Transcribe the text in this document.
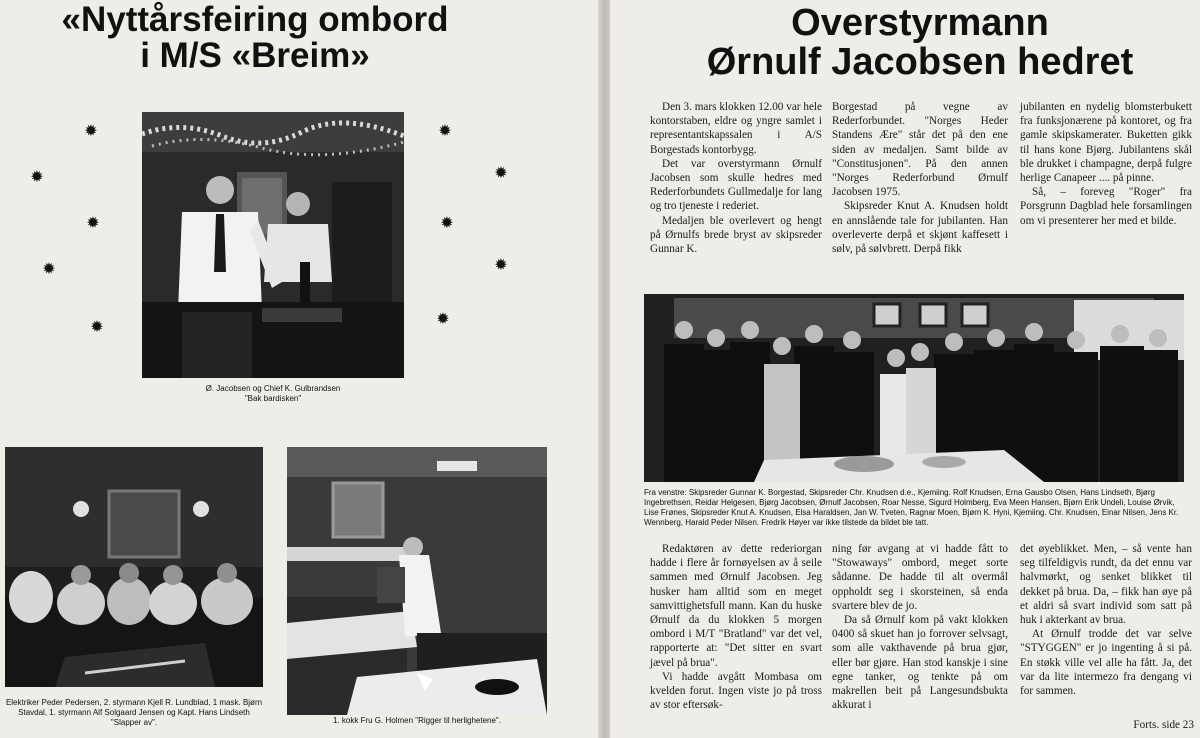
«Nyttårsfeiring ombord
i M/S «Breim»
✹
✹
✹
✹
✹
✹
✹
✹
✹
✹
Ø. Jacobsen og Chief K. Gulbrandsen
"Bak bardisken"
Elektriker Peder Pedersen, 2. styrmann Kjell R. Lundblad, 1 mask. Bjørn Stavdal, 1. styrmann Alf Solgaard Jensen og Kapt. Hans Lindseth "Slapper av".	1. kokk Fru G. Holmen "Rigger til herlighetene".
Overstyrmann
Ørnulf Jacobsen hedret

Den 3. mars klokken 12.00 var hele kontorstaben, eldre og yngre samlet i representantskapssalen i A/S Borgestads kontorbygg.

Det var overstyrmann Ørnulf Jacobsen som skulle hedres med Rederforbundets Gullmedalje for lang og tro tjeneste i rederiet.

Medaljen ble overlevert og hengt på Ørnulfs brede bryst av skipsreder Gunnar K.

Borgestad på vegne av Rederforbundet. "Norges Heder Standens Ære" står det på den ene siden av medaljen. Samt bilde av "Constitusjonen". På den annen "Norges Rederforbund Ørnulf Jacobsen 1975.

Skipsreder Knut A. Knudsen holdt en annslående tale for jubilanten. Han overleverte derpå et skjønt kaffesett i sølv, på sølvbrett. Derpå fikk

jubilanten en nydelig blomsterbukett fra funksjonærene på kontoret, og fra gamle skipskamerater. Buketten gikk til hans kone Bjørg. Jubilantens skål ble drukket i champagne, derpå fulgre herlige Canapeer .... på pinne.

Så, – foreveg "Roger" fra Porsgrunn Dagblad hele forsamlingen om vi presenterer her med et bilde.

Fra venstre: Skipsreder Gunnar K. Borgestad, Skipsreder Chr. Knudsen d.e., Kjemiing. Rolf Knudsen, Erna Gausbo Olsen, Hans Lindseth, Bjørg Ingebrethsen, Reidar Helgesen, Bjørg Jacobsen, Ørnulf Jacobsen, Roar Nesse, Sigurd Holmberg, Eva Meen Hansen, Bjørn Erik Undeli, Louise Ørvik, Lise Frønes, Skipsreder Knut A. Knudsen, Elsa Haraldsen, Jan W. Tveten, Ragnar Moen, Bjørn K. Hyni, Kjemiing. Chr. Knudsen, Einar Nilsen, Jens Kr. Wennberg, Harald Peder Nilsen. Fredrik Høyer var ikke tilstede da bildet ble tatt.

Redaktøren av dette rederiorgan hadde i flere år fornøyelsen av å seile sammen med Ørnulf Jacobsen. Jeg husker ham alltid som en meget samvittighetsfull mann. Kan du huske Ørnulf da du klokken 5 morgen ombord i M/T "Bratland" var det vel, rapporterte at: "Det sitter en svart jævel på brua".

Vi hadde avgått Mombasa om kvelden forut. Ingen viste jo på tross av stor eftersøk-

ning før avgang at vi hadde fått to "Stowaways" ombord, meget sorte sådanne. De hadde til alt overmål oppholdt seg i skorsteinen, så enda svartere blev de jo.

Da så Ørnulf kom på vakt klokken 0400 så skuet han jo forrover selvsagt, som alle vakthavende på brua gjør, eller bør gjøre. Han stod kanskje i sine egne tanker, og tenkte på om makrellen beit på Langesundsbukta akkurat i

det øyeblikket. Men, – så vente han seg tilfeldigvis rundt, da det ennu var halvmørkt, og senket blikket til dekket på brua. Da, – fikk han øye på et aldri så svart individ som satt på huk i akterkant av brua.

At Ørnulf trodde det var selve "STYGGEN" er jo ingenting å si på. En støkk ville vel alle ha fått. Ja, det var da lite intermezo fra dengang vi for sammen.

Forts. side 23
